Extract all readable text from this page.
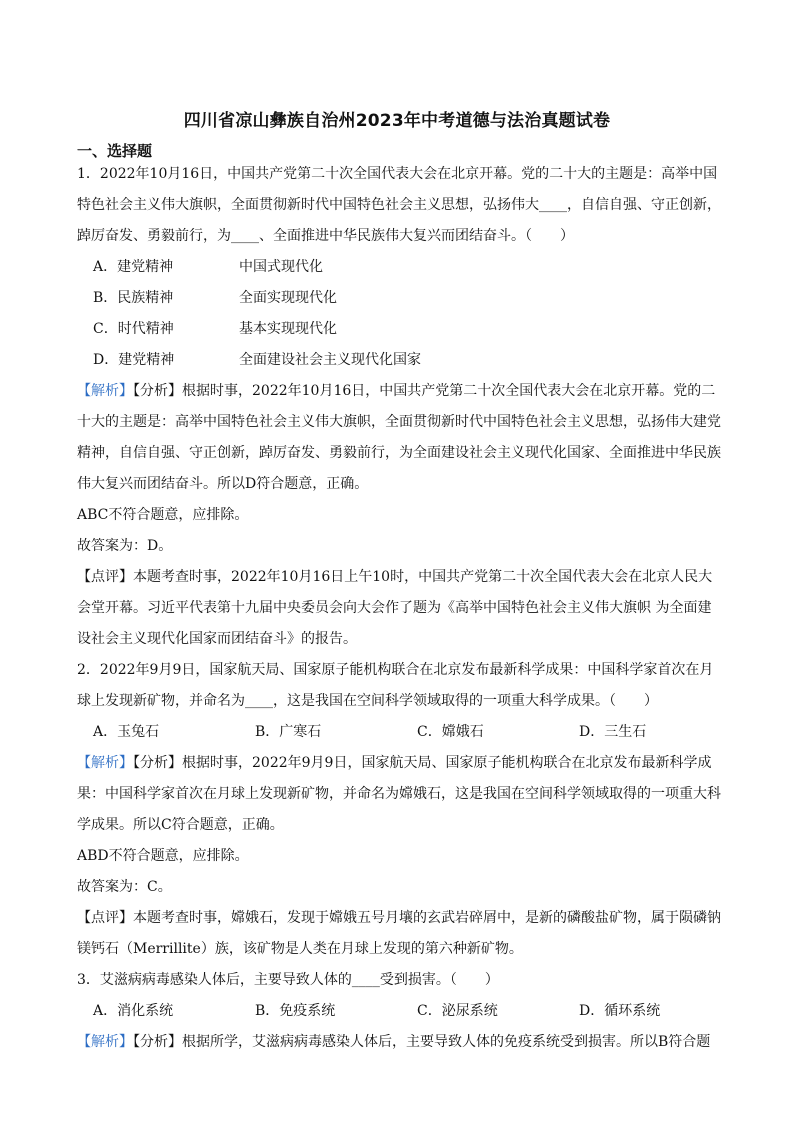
四川省凉山彝族自治州2023年中考道德与法治真题试卷
一、选择题

1．2022年10月16日，中国共产党第二十次全国代表大会在北京开幕。党的二十大的主题是：高举中国

特色社会主义伟大旗帜，全面贯彻新时代中国特色社会主义思想，弘扬伟大____，自信自强、守正创新，

踔厉奋发、勇毅前行，为____、全面推进中华民族伟大复兴而团结奋斗。（　　）

A．建党精神	中国式现代化

B．民族精神	全面实现现代化

C．时代精神	基本实现现代化

D．建党精神	全面建设社会主义现代化国家

【解析】【分析】根据时事，2022年10月16日，中国共产党第二十次全国代表大会在北京开幕。党的二

十大的主题是：高举中国特色社会主义伟大旗帜，全面贯彻新时代中国特色社会主义思想，弘扬伟大建党

精神，自信自强、守正创新，踔厉奋发、勇毅前行，为全面建设社会主义现代化国家、全面推进中华民族

伟大复兴而团结奋斗。所以D符合题意，正确。

ABC不符合题意，应排除。

故答案为：D。

【点评】本题考查时事，2022年10月16日上午10时，中国共产党第二十次全国代表大会在北京人民大

会堂开幕。习近平代表第十九届中央委员会向大会作了题为《高举中国特色社会主义伟大旗帜 为全面建

设社会主义现代化国家而团结奋斗》的报告。

2．2022年9月9日，国家航天局、国家原子能机构联合在北京发布最新科学成果：中国科学家首次在月

球上发现新矿物，并命名为____，这是我国在空间科学领域取得的一项重大科学成果。（　　）

A．玉兔石	B．广寒石	C．嫦娥石	D．三生石

【解析】【分析】根据时事，2022年9月9日，国家航天局、国家原子能机构联合在北京发布最新科学成

果：中国科学家首次在月球上发现新矿物，并命名为嫦娥石，这是我国在空间科学领域取得的一项重大科

学成果。所以C符合题意，正确。

ABD不符合题意，应排除。

故答案为：C。

【点评】本题考查时事，嫦娥石，发现于嫦娥五号月壤的玄武岩碎屑中，是新的磷酸盐矿物，属于陨磷钠

镁钙石（Merrillite）族，该矿物是人类在月球上发现的第六种新矿物。

3．艾滋病病毒感染人体后，主要导致人体的____受到损害。（　　）

A．消化系统	B．免疫系统	C．泌尿系统	D．循环系统

【解析】【分析】根据所学，艾滋病病毒感染人体后，主要导致人体的免疫系统受到损害。所以B符合题
